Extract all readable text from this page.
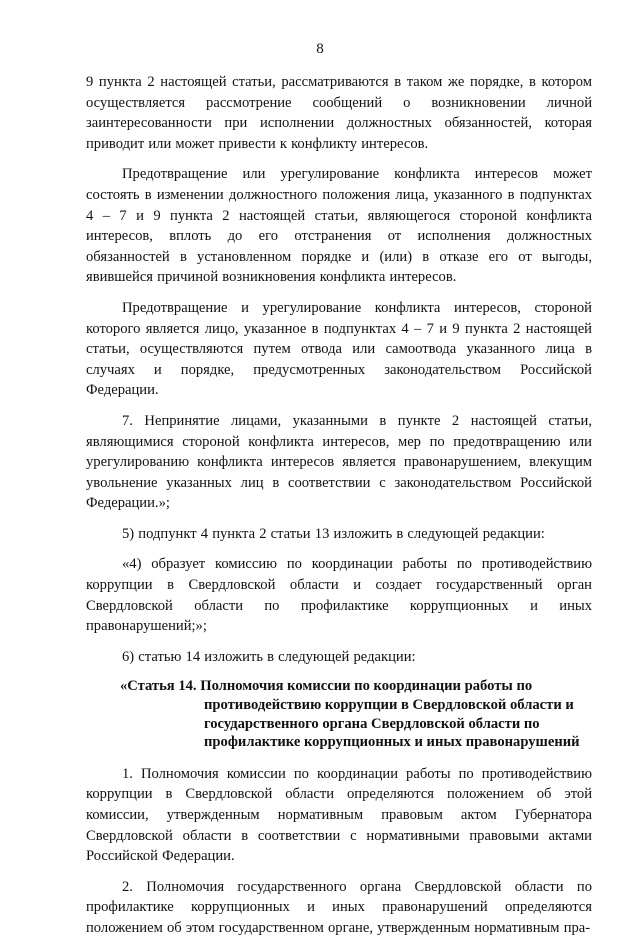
8

9 пункта 2 настоящей статьи, рассматриваются в таком же порядке, в котором осуществляется рассмотрение сообщений о возникновении личной заинтересованности при исполнении должностных обязанностей, которая приводит или может привести к конфликту интересов.

Предотвращение или урегулирование конфликта интересов может состоять в изменении должностного положения лица, указанного в подпунктах 4 – 7 и 9 пункта 2 настоящей статьи, являющегося стороной конфликта интересов, вплоть до его отстранения от исполнения должностных обязанностей в установленном порядке и (или) в отказе его от выгоды, явившейся причиной возникновения конфликта интересов.

Предотвращение и урегулирование конфликта интересов, стороной которого является лицо, указанное в подпунктах 4 – 7 и 9 пункта 2 настоящей статьи, осуществляются путем отвода или самоотвода указанного лица в случаях и порядке, предусмотренных законодательством Российской Федерации.

7. Непринятие лицами, указанными в пункте 2 настоящей статьи, являющимися стороной конфликта интересов, мер по предотвращению или урегулированию конфликта интересов является правонарушением, влекущим увольнение указанных лиц в соответствии с законодательством Российской Федерации.»;

5) подпункт 4 пункта 2 статьи 13 изложить в следующей редакции:

«4) образует комиссию по координации работы по противодействию коррупции в Свердловской области и создает государственный орган Свердловской области по профилактике коррупционных и иных правонарушений;»;

6) статью 14 изложить в следующей редакции:

«Статья 14. Полномочия комиссии по координации работы по противодействию коррупции в Свердловской области и государственного органа Свердловской области по профилактике коррупционных и иных правонарушений

1. Полномочия комиссии по координации работы по противодействию коррупции в Свердловской области определяются положением об этой комиссии, утвержденным нормативным правовым актом Губернатора Свердловской области в соответствии с нормативными правовыми актами Российской Федерации.

2. Полномочия государственного органа Свердловской области по профилактике коррупционных и иных правонарушений определяются положением об этом государственном органе, утвержденным нормативным пра-
